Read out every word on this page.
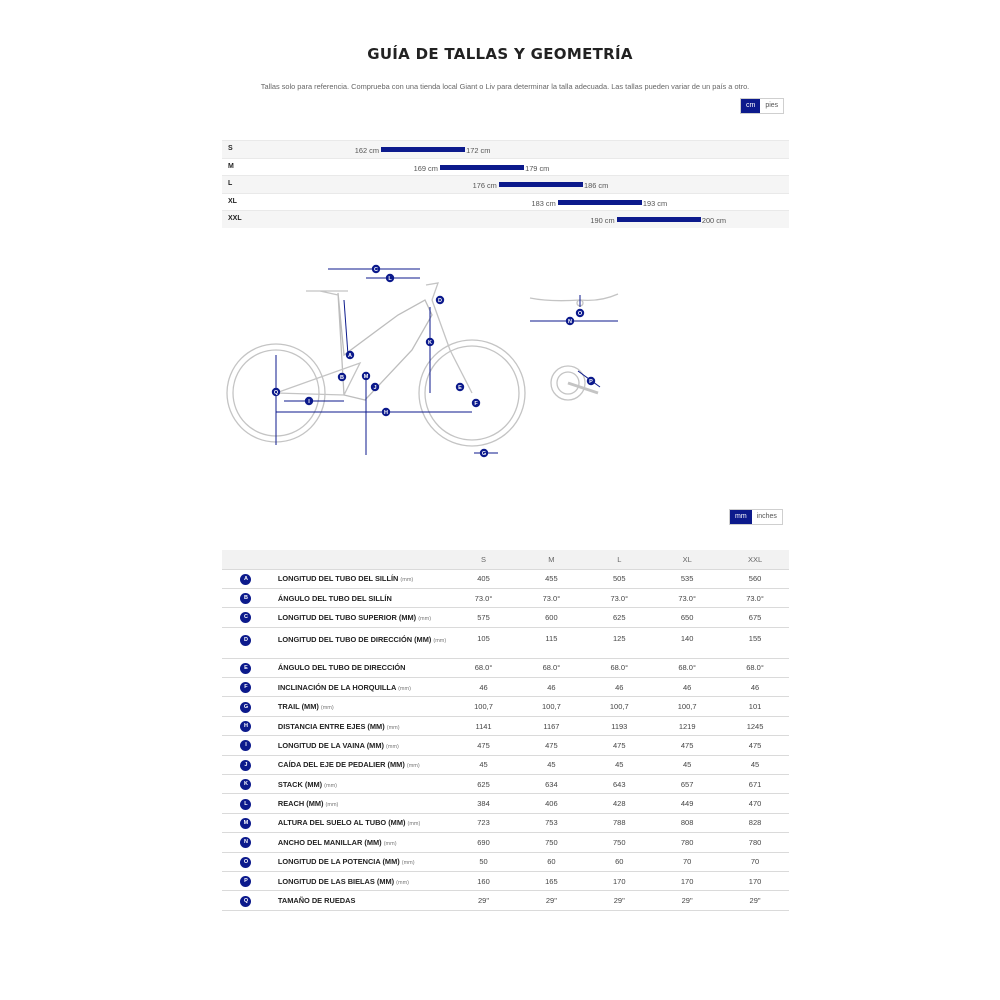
GUÍA DE TALLAS Y GEOMETRÍA
Tallas solo para referencia. Comprueba con una tienda local Giant o Liv para determinar la talla adecuada. Las tallas pueden variar de un país a otro.
cm	pies
S	162 cm	172 cm
M	169 cm	179 cm
L	176 cm	186 cm
XL	183 cm	193 cm
XXL	190 cm	200 cm
A
B
C
D
E
F
G
H
I
J
K
L
M
Q
N
O
P
mm	inches
		S	M	L	XL	XXL
A	LONGITUD DEL TUBO DEL SILLÍN (mm)	405	455	505	535	560
B	ÁNGULO DEL TUBO DEL SILLÍN	73.0°	73.0°	73.0°	73.0°	73.0°
C	LONGITUD DEL TUBO SUPERIOR (MM) (mm)	575	600	625	650	675
D	LONGITUD DEL TUBO DE DIRECCIÓN (MM) (mm)	105	115	125	140	155
E	ÁNGULO DEL TUBO DE DIRECCIÓN	68.0°	68.0°	68.0°	68.0°	68.0°
F	INCLINACIÓN DE LA HORQUILLA (mm)	46	46	46	46	46
G	TRAIL (MM) (mm)	100,7	100,7	100,7	100,7	101
H	DISTANCIA ENTRE EJES (MM) (mm)	1141	1167	1193	1219	1245
I	LONGITUD DE LA VAINA (MM) (mm)	475	475	475	475	475
J	CAÍDA DEL EJE DE PEDALIER (MM) (mm)	45	45	45	45	45
K	STACK (MM) (mm)	625	634	643	657	671
L	REACH (MM) (mm)	384	406	428	449	470
M	ALTURA DEL SUELO AL TUBO (MM) (mm)	723	753	788	808	828
N	ANCHO DEL MANILLAR (MM) (mm)	690	750	750	780	780
O	LONGITUD DE LA POTENCIA (MM) (mm)	50	60	60	70	70
P	LONGITUD DE LAS BIELAS (MM) (mm)	160	165	170	170	170
Q	TAMAÑO DE RUEDAS	29"	29"	29"	29"	29"
